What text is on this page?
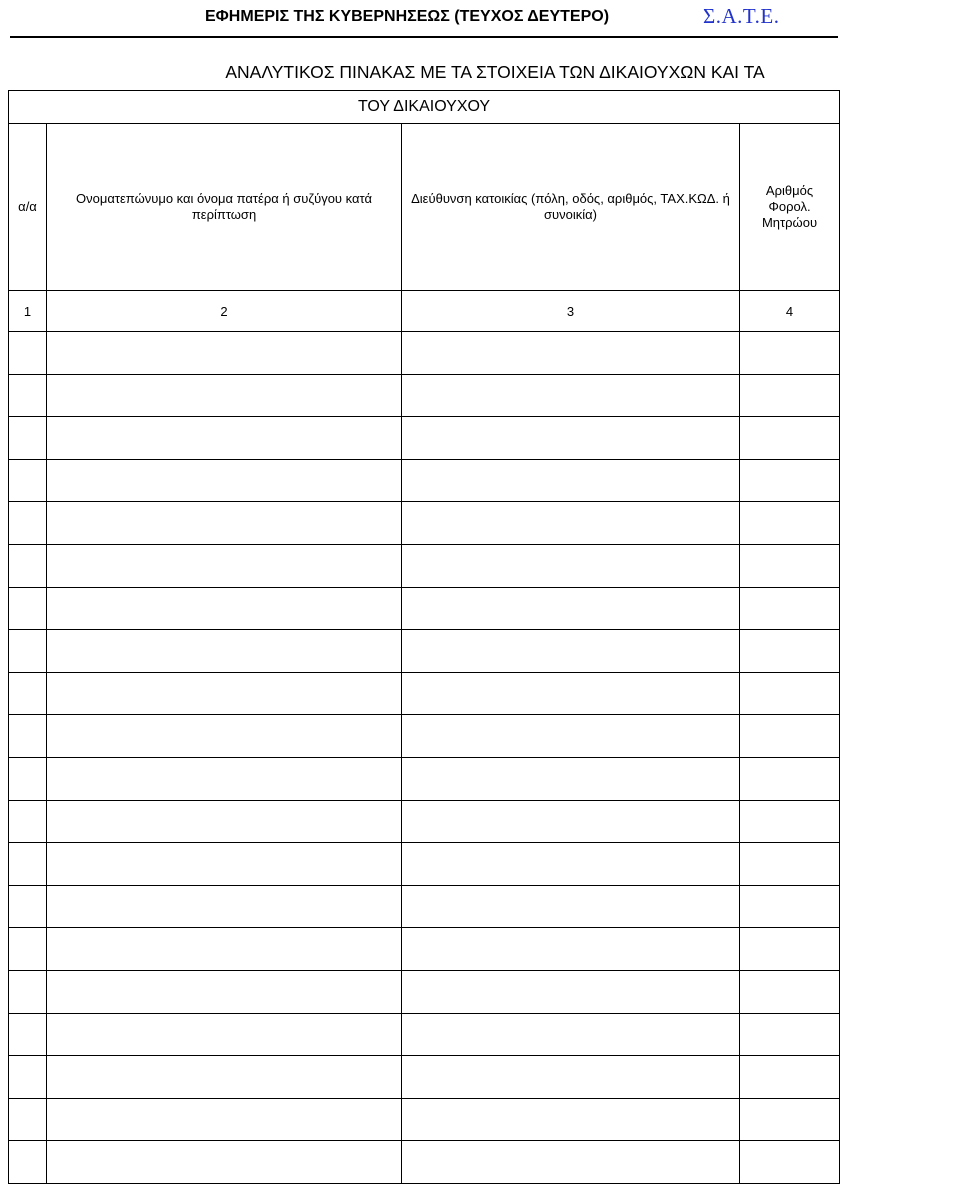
ΕΦΗΜΕΡΙΣ ΤΗΣ ΚΥΒΕΡΝΗΣΕΩΣ (ΤΕΥΧΟΣ ΔΕΥΤΕΡΟ)	Σ.Α.Τ.Ε.
ΑΝΑΛΥΤΙΚΟΣ ΠΙΝΑΚΑΣ ΜΕ ΤΑ ΣΤΟΙΧΕΙΑ ΤΩΝ ΔΙΚΑΙΟΥΧΩΝ ΚΑΙ ΤΑ
ΤΟΥ ΔΙΚΑΙΟΥΧΟΥ			
α/α	Ονοματεπώνυμο και όνομα πατέρα ή συζύγου κατά περίπτωση	Διεύθυνση κατοικίας (πόλη, οδός, αριθμός, ΤΑΧ.ΚΩΔ. ή συνοικία)	Αριθμός Φορολ. Μητρώου
1	2	3	4
